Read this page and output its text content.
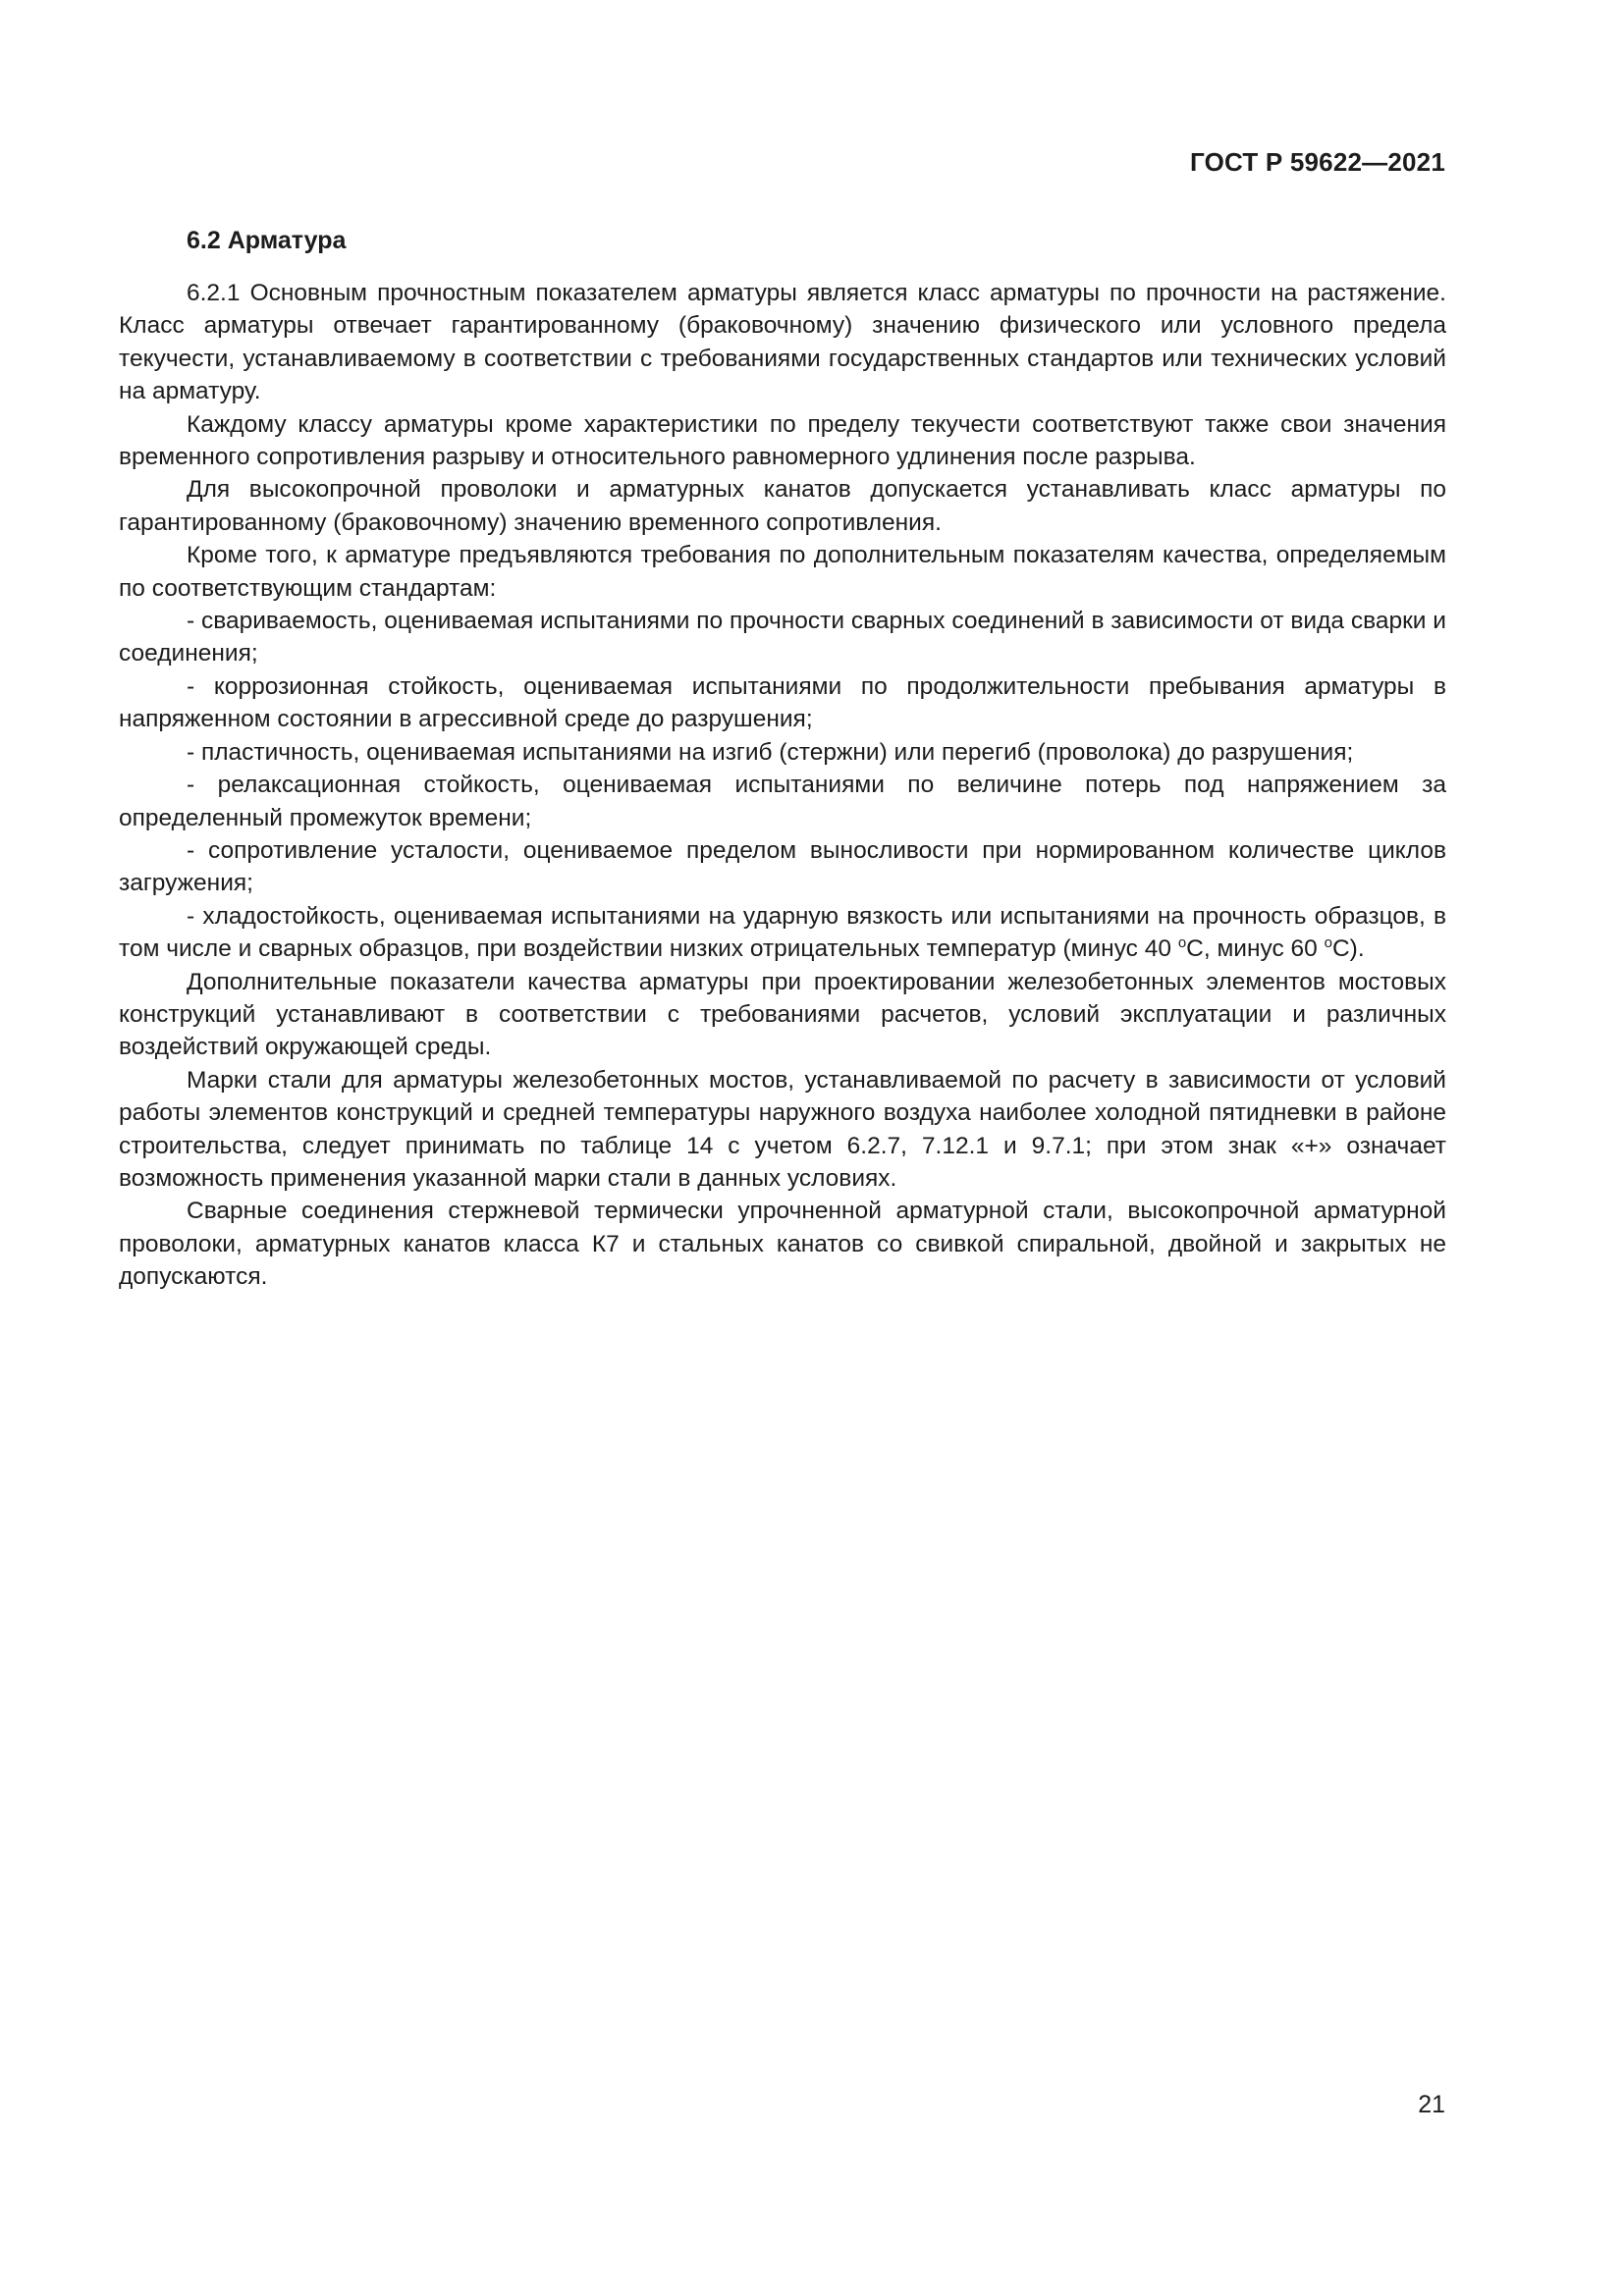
ГОСТ Р 59622—2021
6.2 Арматура

6.2.1 Основным прочностным показателем арматуры является класс арматуры по прочности на растяжение. Класс арматуры отвечает гарантированному (браковочному) значению физического или условного предела текучести, устанавливаемому в соответствии с требованиями государственных стандартов или технических условий на арматуру.

Каждому классу арматуры кроме характеристики по пределу текучести соответствуют также свои значения временного сопротивления разрыву и относительного равномерного удлинения после разрыва.

Для высокопрочной проволоки и арматурных канатов допускается устанавливать класс арматуры по гарантированному (браковочному) значению временного сопротивления.

Кроме того, к арматуре предъявляются требования по дополнительным показателям качества, определяемым по соответствующим стандартам:

- свариваемость, оцениваемая испытаниями по прочности сварных соединений в зависимости от вида сварки и соединения;

- коррозионная стойкость, оцениваемая испытаниями по продолжительности пребывания арматуры в напряженном состоянии в агрессивной среде до разрушения;

- пластичность, оцениваемая испытаниями на изгиб (стержни) или перегиб (проволока) до разрушения;

- релаксационная стойкость, оцениваемая испытаниями по величине потерь под напряжением за определенный промежуток времени;

- сопротивление усталости, оцениваемое пределом выносливости при нормированном количестве циклов загружения;

- хладостойкость, оцениваемая испытаниями на ударную вязкость или испытаниями на прочность образцов, в том числе и сварных образцов, при воздействии низких отрицательных температур (минус 40 $^о$С, минус 60 $^о$С).

Дополнительные показатели качества арматуры при проектировании железобетонных элементов мостовых конструкций устанавливают в соответствии с требованиями расчетов, условий эксплуатации и различных воздействий окружающей среды.

Марки стали для арматуры железобетонных мостов, устанавливаемой по расчету в зависимости от условий работы элементов конструкций и средней температуры наружного воздуха наиболее холодной пятидневки в районе строительства, следует принимать по таблице 14 с учетом 6.2.7, 7.12.1 и 9.7.1; при этом знак «+» означает возможность применения указанной марки стали в данных условиях.

Сварные соединения стержневой термически упрочненной арматурной стали, высокопрочной арматурной проволоки, арматурных канатов класса К7 и стальных канатов со свивкой спиральной, двойной и закрытых не допускаются.

21
